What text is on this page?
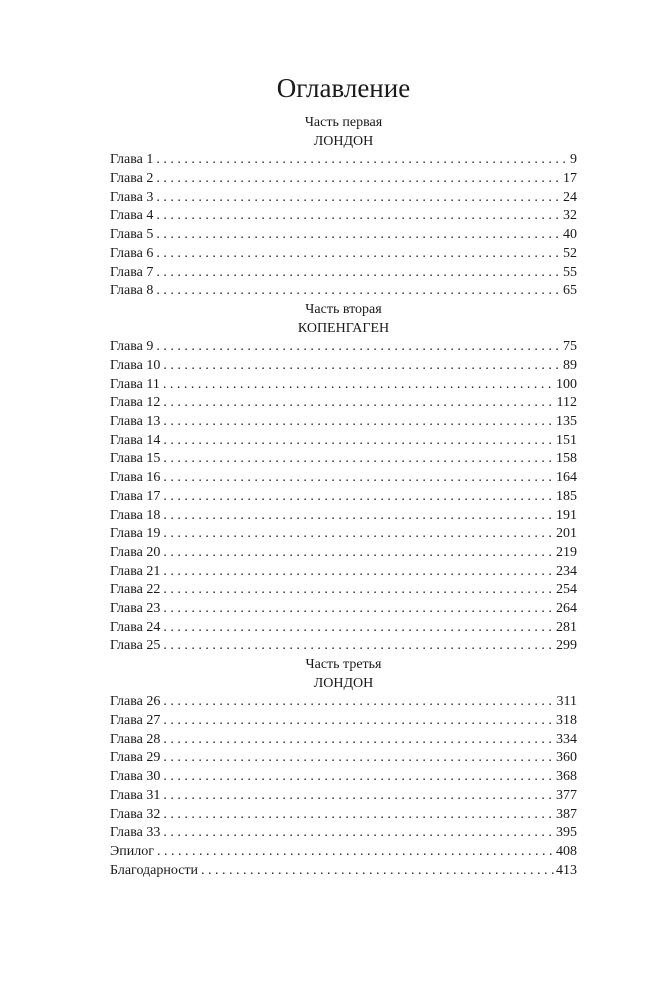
Оглавление
Часть первая
ЛОНДОН
Глава 1 . . .	9
Глава 2 . . .	17
Глава 3 . . .	24
Глава 4 . . .	32
Глава 5 . . .	40
Глава 6 . . .	52
Глава 7 . . .	55
Глава 8 . . .	65
Часть вторая
КОПЕНГАГЕН
Глава 9 . . .	75
Глава 10 . . .	89
Глава 11 . . .	100
Глава 12 . . .	112
Глава 13 . . .	135
Глава 14 . . .	151
Глава 15 . . .	158
Глава 16 . . .	164
Глава 17 . . .	185
Глава 18 . . .	191
Глава 19 . . .	201
Глава 20 . . .	219
Глава 21 . . .	234
Глава 22 . . .	254
Глава 23 . . .	264
Глава 24 . . .	281
Глава 25 . . .	299
Часть третья
ЛОНДОН
Глава 26 . . .	311
Глава 27 . . .	318
Глава 28 . . .	334
Глава 29 . . .	360
Глава 30 . . .	368
Глава 31 . . .	377
Глава 32 . . .	387
Глава 33 . . .	395
Эпилог . . .	408
Благодарности . . .	413
